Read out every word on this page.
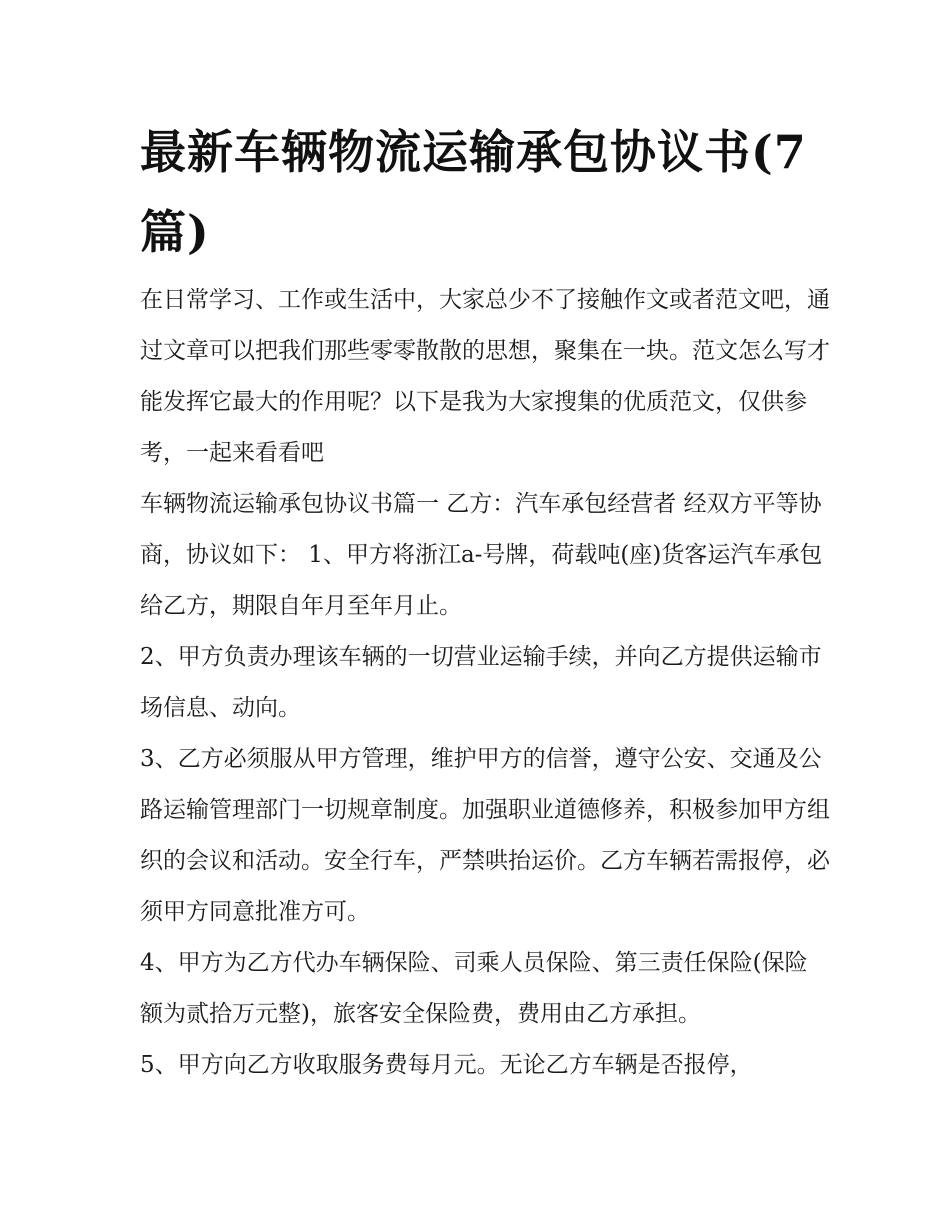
最新车辆物流运输承包协议书(7篇)

在日常学习、工作或生活中，大家总少不了接触作文或者范文吧，通过文章可以把我们那些零零散散的思想，聚集在一块。范文怎么写才能发挥它最大的作用呢？以下是我为大家搜集的优质范文，仅供参考，一起来看看吧

车辆物流运输承包协议书篇一 乙方：汽车承包经营者 经双方平等协商，协议如下： 1、甲方将浙江a-号牌，荷载吨(座)货客运汽车承包给乙方，期限自年月至年月止。

2、甲方负责办理该车辆的一切营业运输手续，并向乙方提供运输市场信息、动向。

3、乙方必须服从甲方管理，维护甲方的信誉，遵守公安、交通及公路运输管理部门一切规章制度。加强职业道德修养，积极参加甲方组织的会议和活动。安全行车，严禁哄抬运价。乙方车辆若需报停，必须甲方同意批准方可。

4、甲方为乙方代办车辆保险、司乘人员保险、第三责任保险(保险额为贰拾万元整)，旅客安全保险费，费用由乙方承担。

5、甲方向乙方收取服务费每月元。无论乙方车辆是否报停，
